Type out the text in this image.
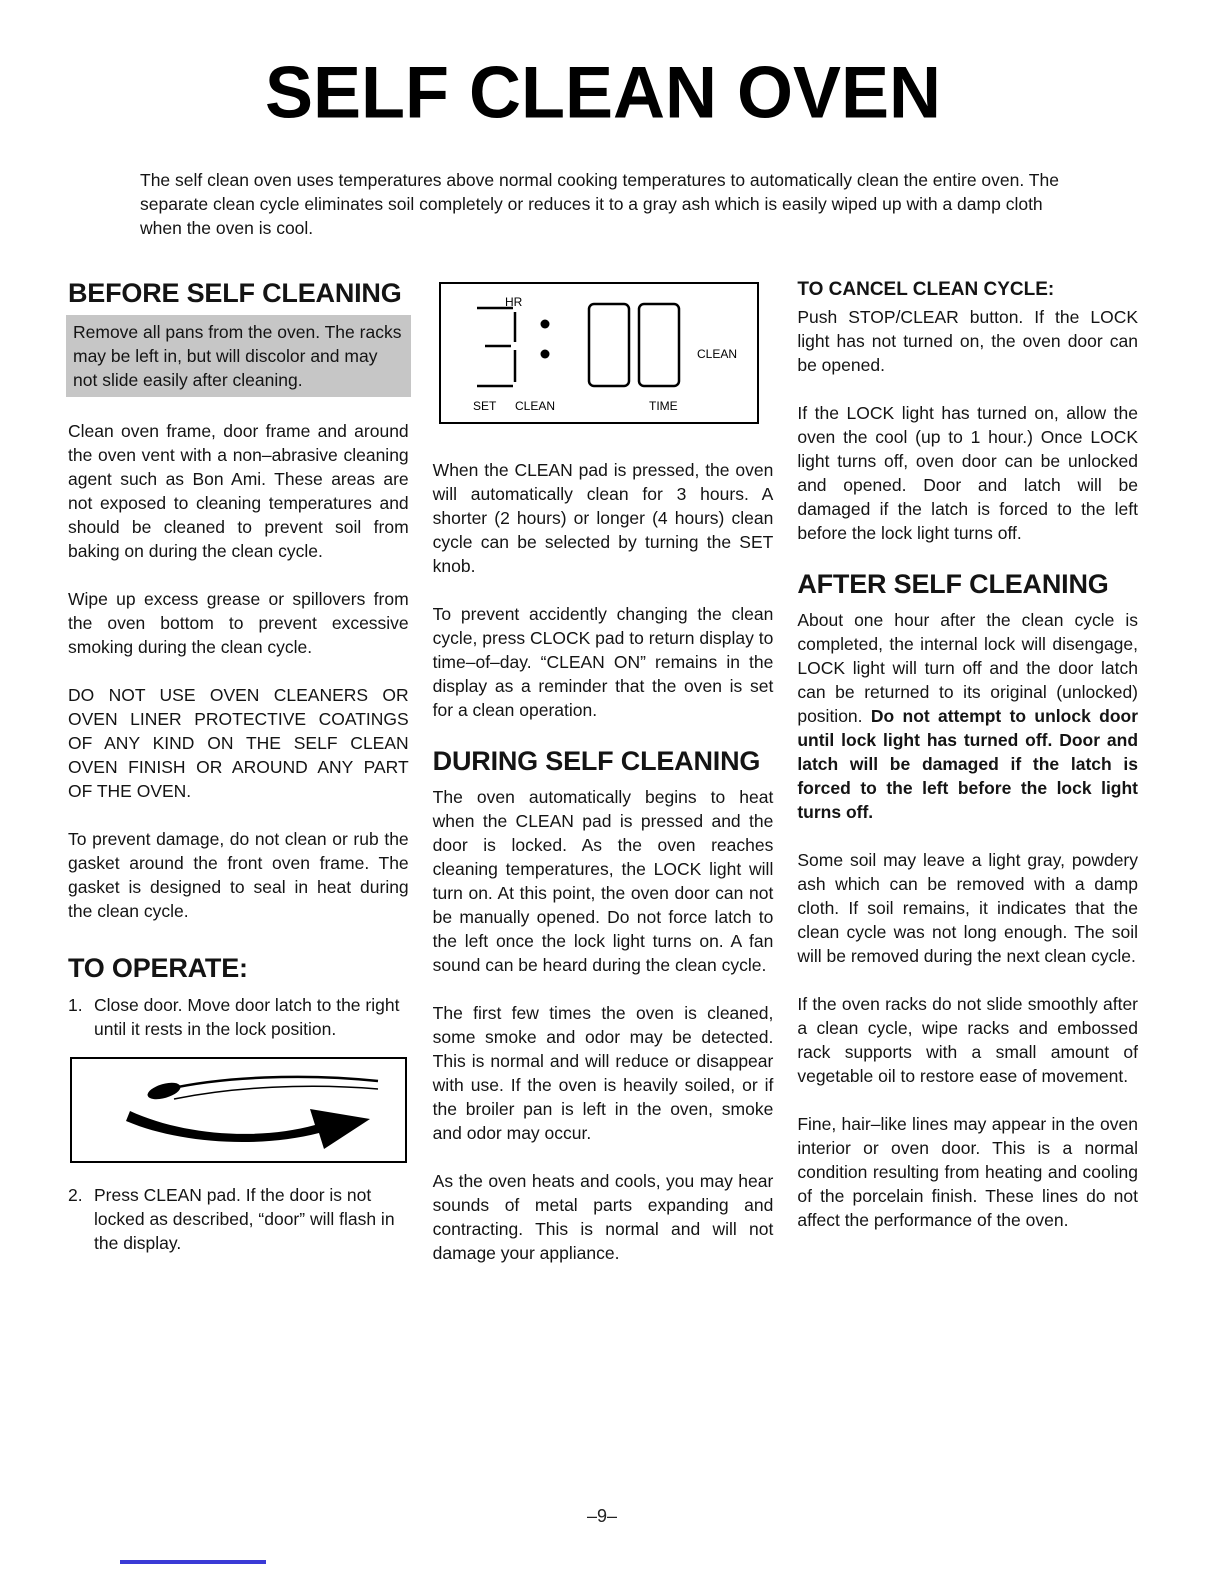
SELF CLEAN OVEN

The self clean oven uses temperatures above normal cooking temperatures to automatically clean the entire oven. The separate clean cycle eliminates soil completely or reduces it to a gray ash which is easily wiped up with a damp cloth when the oven is cool.

BEFORE SELF CLEANING

Remove all pans from the oven. The racks may be left in, but will discolor and may not slide easily after cleaning.

Clean oven frame, door frame and around the oven vent with a non–abrasive cleaning agent such as Bon Ami. These areas are not exposed to cleaning temperatures and should be cleaned to prevent soil from baking on during the clean cycle.

Wipe up excess grease or spillovers from the oven bottom to prevent excessive smoking during the clean cycle.

DO NOT USE OVEN CLEANERS OR OVEN LINER PROTECTIVE COATINGS OF ANY KIND ON THE SELF CLEAN OVEN FINISH OR AROUND ANY PART OF THE OVEN.

To prevent damage, do not clean or rub the gasket around the front oven frame. The gasket is designed to seal in heat during the clean cycle.

TO OPERATE:
1. Close door. Move door latch to the right until it rests in the lock position.
2. Press CLEAN pad. If the door is not locked as described, “door” will flash in the display.
HR
CLEAN
SET CLEAN	TIME

When the CLEAN pad is pressed, the oven will automatically clean for 3 hours. A shorter (2 hours) or longer (4 hours) clean cycle can be selected by turning the SET knob.

To prevent accidently changing the clean cycle, press CLOCK pad to return display to time–of–day. “CLEAN ON” remains in the display as a reminder that the oven is set for a clean operation.

DURING SELF CLEANING

The oven automatically begins to heat when the CLEAN pad is pressed and the door is locked. As the oven reaches cleaning temperatures, the LOCK light will turn on. At this point, the oven door can not be manually opened. Do not force latch to the left once the lock light turns on. A fan sound can be heard during the clean cycle.

The first few times the oven is cleaned, some smoke and odor may be detected. This is normal and will reduce or disappear with use. If the oven is heavily soiled, or if the broiler pan is left in the oven, smoke and odor may occur.

As the oven heats and cools, you may hear sounds of metal parts expanding and contracting. This is normal and will not damage your appliance.

TO CANCEL CLEAN CYCLE:

Push STOP/CLEAR button. If the LOCK light has not turned on, the oven door can be opened.

If the LOCK light has turned on, allow the oven the cool (up to 1 hour.) Once LOCK light turns off, oven door can be unlocked and opened. Door and latch will be damaged if the latch is forced to the left before the lock light turns off.

AFTER SELF CLEANING

About one hour after the clean cycle is completed, the internal lock will disengage, LOCK light will turn off and the door latch can be returned to its original (unlocked) position. Do not attempt to unlock door until lock light has turned off. Door and latch will be damaged if the latch is forced to the left before the lock light turns off.

Some soil may leave a light gray, powdery ash which can be removed with a damp cloth. If soil remains, it indicates that the clean cycle was not long enough. The soil will be removed during the next clean cycle.

If the oven racks do not slide smoothly after a clean cycle, wipe racks and embossed rack supports with a small amount of vegetable oil to restore ease of movement.

Fine, hair–like lines may appear in the oven interior or oven door. This is a normal condition resulting from heating and cooling of the porcelain finish. These lines do not affect the performance of the oven.

–9–
